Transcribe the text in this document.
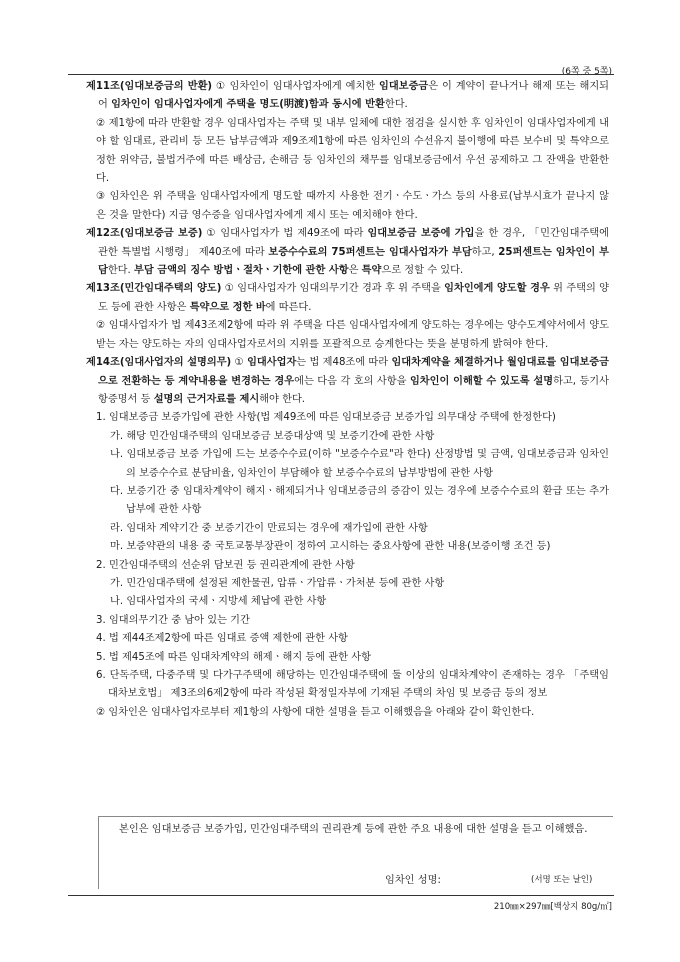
(6쪽 중 5쪽)

제11조(임대보증금의 반환) ① 임차인이 임대사업자에게 예치한 임대보증금은 이 계약이 끝나거나 해제 또는 해지되어 임차인이 임대사업자에게 주택을 명도(明渡)함과 동시에 반환한다.

② 제1항에 따라 반환할 경우 임대사업자는 주택 및 내부 일체에 대한 점검을 실시한 후 임차인이 임대사업자에게 내야 할 임대료, 관리비 등 모든 납부금액과 제9조제1항에 따른 임차인의 수선유지 불이행에 따른 보수비 및 특약으로 정한 위약금, 불법거주에 따른 배상금, 손해금 등 임차인의 채무를 임대보증금에서 우선 공제하고 그 잔액을 반환한다.

③ 임차인은 위 주택을 임대사업자에게 명도할 때까지 사용한 전기ㆍ수도ㆍ가스 등의 사용료(납부시효가 끝나지 않은 것을 말한다) 지급 영수증을 임대사업자에게 제시 또는 예치해야 한다.

제12조(임대보증금 보증) ① 임대사업자가 법 제49조에 따라 임대보증금 보증에 가입을 한 경우, 「민간임대주택에 관한 특별법 시행령」 제40조에 따라 보증수수료의 75퍼센트는 임대사업자가 부담하고, 25퍼센트는 임차인이 부담한다. 부담 금액의 징수 방법ㆍ절차ㆍ기한에 관한 사항은 특약으로 정할 수 있다.

제13조(민간임대주택의 양도) ① 임대사업자가 임대의무기간 경과 후 위 주택을 임차인에게 양도할 경우 위 주택의 양도 등에 관한 사항은 특약으로 정한 바에 따른다.

② 임대사업자가 법 제43조제2항에 따라 위 주택을 다른 임대사업자에게 양도하는 경우에는 양수도계약서에서 양도받는 자는 양도하는 자의 임대사업자로서의 지위를 포괄적으로 승계한다는 뜻을 분명하게 밝혀야 한다.

제14조(임대사업자의 설명의무) ① 임대사업자는 법 제48조에 따라 임대차계약을 체결하거나 월임대료를 임대보증금으로 전환하는 등 계약내용을 변경하는 경우에는 다음 각 호의 사항을 임차인이 이해할 수 있도록 설명하고, 등기사항증명서 등 설명의 근거자료를 제시해야 한다.

1. 임대보증금 보증가입에 관한 사항(법 제49조에 따른 임대보증금 보증가입 의무대상 주택에 한정한다)

가. 해당 민간임대주택의 임대보증금 보증대상액 및 보증기간에 관한 사항

나. 임대보증금 보증 가입에 드는 보증수수료(이하 "보증수수료"라 한다) 산정방법 및 금액, 임대보증금과 임차인의 보증수수료 분담비율, 임차인이 부담해야 할 보증수수료의 납부방법에 관한 사항

다. 보증기간 중 임대차계약이 해지ㆍ해제되거나 임대보증금의 증감이 있는 경우에 보증수수료의 환급 또는 추가 납부에 관한 사항

라. 임대차 계약기간 중 보증기간이 만료되는 경우에 재가입에 관한 사항

마. 보증약관의 내용 중 국토교통부장관이 정하여 고시하는 중요사항에 관한 내용(보증이행 조건 등)

2. 민간임대주택의 선순위 담보권 등 권리관계에 관한 사항

가. 민간임대주택에 설정된 제한물권, 압류ㆍ가압류ㆍ가처분 등에 관한 사항

나. 임대사업자의 국세ㆍ지방세 체납에 관한 사항

3. 임대의무기간 중 남아 있는 기간

4. 법 제44조제2항에 따른 임대료 증액 제한에 관한 사항

5. 법 제45조에 따른 임대차계약의 해제ㆍ해지 등에 관한 사항

6. 단독주택, 다중주택 및 다가구주택에 해당하는 민간임대주택에 둘 이상의 임대차계약이 존재하는 경우 「주택임대차보호법」 제3조의6제2항에 따라 작성된 확정일자부에 기재된 주택의 차임 및 보증금 등의 정보

② 임차인은 임대사업자로부터 제1항의 사항에 대한 설명을 듣고 이해했음을 아래와 같이 확인한다.

본인은 임대보증금 보증가입, 민간임대주택의 권리관계 등에 관한 주요 내용에 대한 설명을 듣고 이해했음.
임차인 성명:	(서명 또는 날인)
210㎜×297㎜[백상지 80g/㎡]
